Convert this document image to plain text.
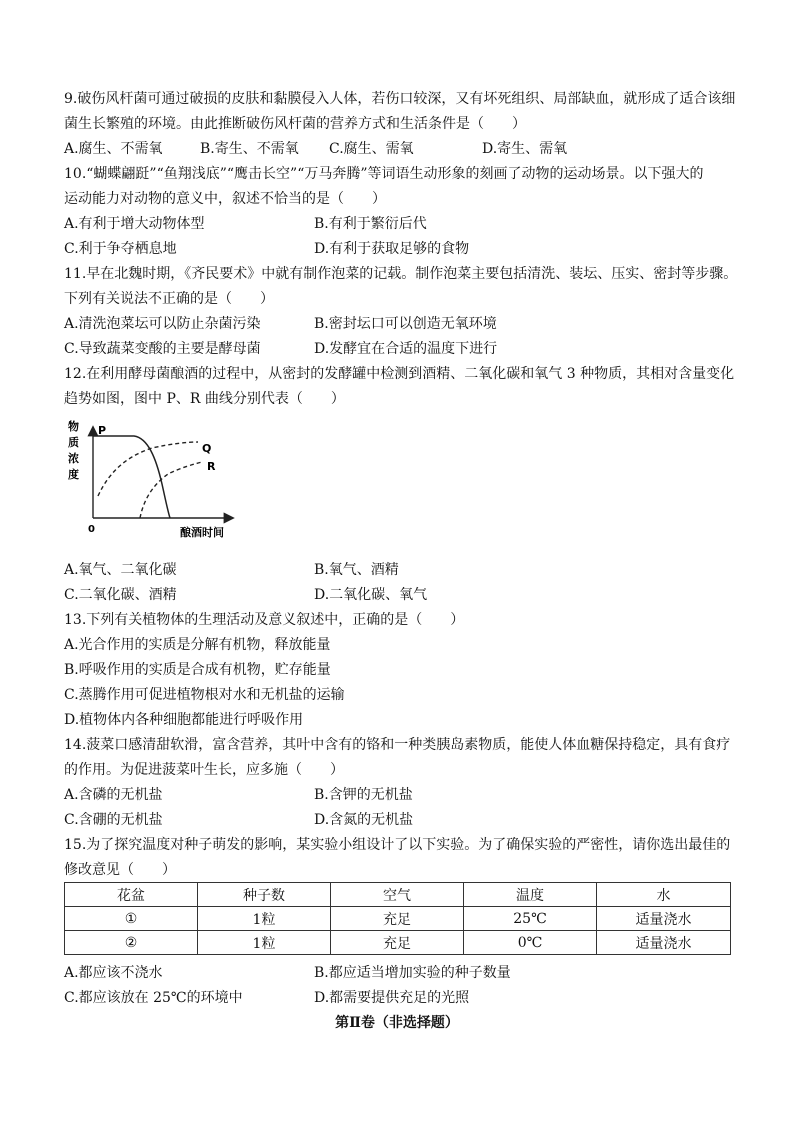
9.破伤风杆菌可通过破损的皮肤和黏膜侵入人体，若伤口较深，又有坏死组织、局部缺血，就形成了适合该细
菌生长繁殖的环境。由此推断破伤风杆菌的营养方式和生活条件是（　　）
A.腐生、不需氧	B.寄生、不需氧 C.腐生、需氧	D.寄生、需氧
10.“蝴蝶翩跹”“鱼翔浅底”“鹰击长空”“万马奔腾”等词语生动形象的刻画了动物的运动场景。以下强大的
运动能力对动物的意义中，叙述不恰当的是（　　）
A.有利于增大动物体型	B.有利于繁衍后代
C.利于争夺栖息地	D.有利于获取足够的食物
11.早在北魏时期，《齐民要术》中就有制作泡菜的记载。制作泡菜主要包括清洗、装坛、压实、密封等步骤。
下列有关说法不正确的是（　　）
A.清洗泡菜坛可以防止杂菌污染	B.密封坛口可以创造无氧环境
C.导致蔬菜变酸的主要是酵母菌	D.发酵宜在合适的温度下进行
12.在利用酵母菌酿酒的过程中，从密封的发酵罐中检测到酒精、二氧化碳和氧气 3 种物质，其相对含量变化
趋势如图，图中 P、R 曲线分别代表（　　）
物
质
浓
度
P
Q
R
0	酿酒时间
A.氧气、二氧化碳	B.氧气、酒精
C.二氧化碳、酒精	D.二氧化碳、氧气
13.下列有关植物体的生理活动及意义叙述中，正确的是（　　）
A.光合作用的实质是分解有机物，释放能量
B.呼吸作用的实质是合成有机物，贮存能量
C.蒸腾作用可促进植物根对水和无机盐的运输
D.植物体内各种细胞都能进行呼吸作用
14.菠菜口感清甜软滑，富含营养，其叶中含有的铬和一种类胰岛素物质，能使人体血糖保持稳定，具有食疗
的作用。为促进菠菜叶生长，应多施（　　）
A.含磷的无机盐	B.含钾的无机盐
C.含硼的无机盐	D.含氮的无机盐
15.为了探究温度对种子萌发的影响，某实验小组设计了以下实验。为了确保实验的严密性，请你选出最佳的
修改意见（　　）
花盆	种子数	空气	温度	水
①	1粒	充足	25℃	适量浇水
②	1粒	充足	0℃	适量浇水
A.都应该不浇水	B.都应适当增加实验的种子数量
C.都应该放在 25℃的环境中	D.都需要提供充足的光照
第Ⅱ卷（非选择题）
